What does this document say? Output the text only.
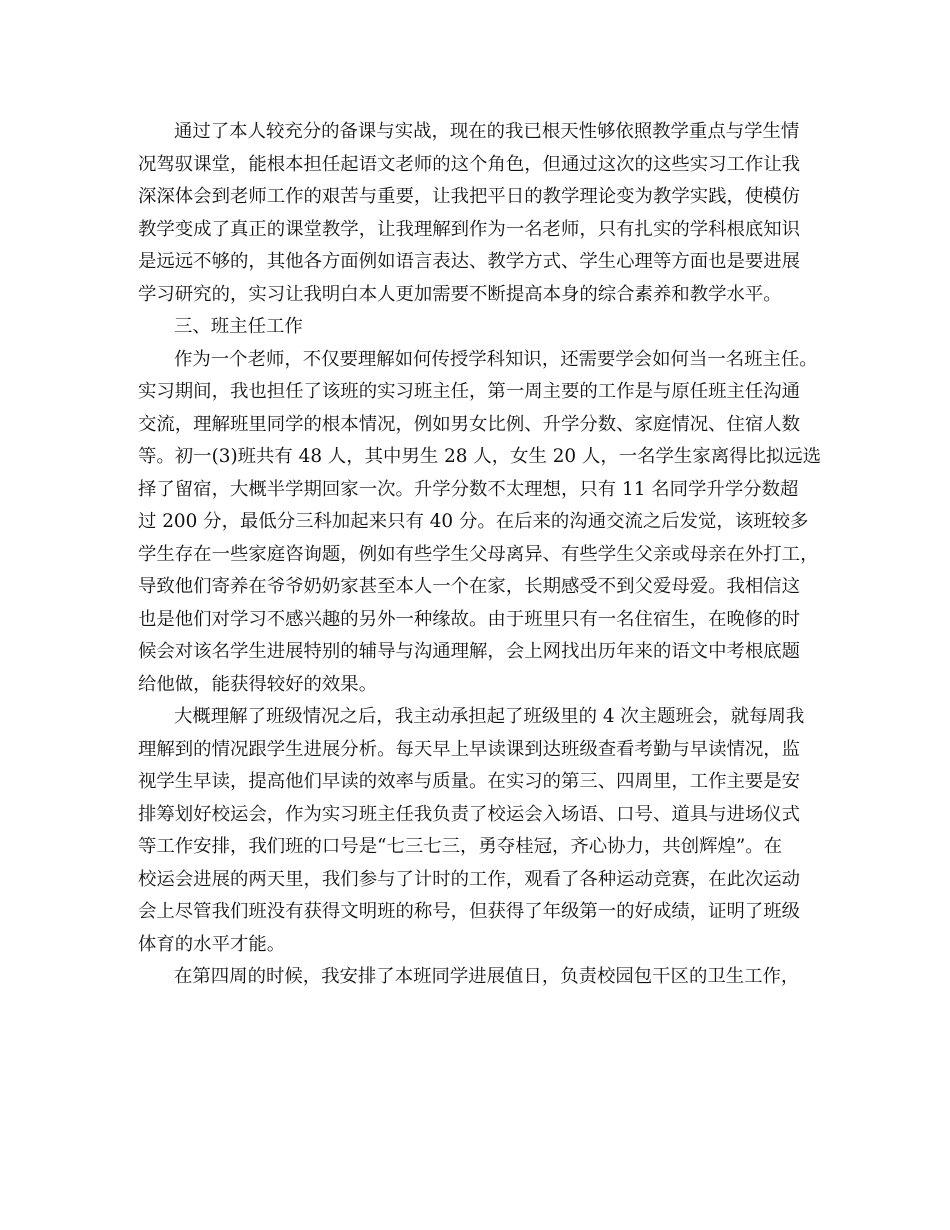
通过了本人较充分的备课与实战，现在的我已根天性够依照教学重点与学生情
况驾驭课堂，能根本担任起语文老师的这个角色，但通过这次的这些实习工作让我
深深体会到老师工作的艰苦与重要，让我把平日的教学理论变为教学实践，使模仿
教学变成了真正的课堂教学，让我理解到作为一名老师，只有扎实的学科根底知识
是远远不够的，其他各方面例如语言表达、教学方式、学生心理等方面也是要进展
学习研究的，实习让我明白本人更加需要不断提高本身的综合素养和教学水平。
三、班主任工作
作为一个老师，不仅要理解如何传授学科知识，还需要学会如何当一名班主任。
实习期间，我也担任了该班的实习班主任，第一周主要的工作是与原任班主任沟通
交流，理解班里同学的根本情况，例如男女比例、升学分数、家庭情况、住宿人数
等。初一(3)班共有 48 人，其中男生 28 人，女生 20 人，一名学生家离得比拟远选
择了留宿，大概半学期回家一次。升学分数不太理想，只有 11 名同学升学分数超
过 200 分，最低分三科加起来只有 40 分。在后来的沟通交流之后发觉，该班较多
学生存在一些家庭咨询题，例如有些学生父母离异、有些学生父亲或母亲在外打工，
导致他们寄养在爷爷奶奶家甚至本人一个在家，长期感受不到父爱母爱。我相信这
也是他们对学习不感兴趣的另外一种缘故。由于班里只有一名住宿生，在晚修的时
候会对该名学生进展特别的辅导与沟通理解，会上网找出历年来的语文中考根底题
给他做，能获得较好的效果。
大概理解了班级情况之后，我主动承担起了班级里的 4 次主题班会，就每周我
理解到的情况跟学生进展分析。每天早上早读课到达班级查看考勤与早读情况，监
视学生早读，提高他们早读的效率与质量。在实习的第三、四周里，工作主要是安
排筹划好校运会，作为实习班主任我负责了校运会入场语、口号、道具与进场仪式
等工作安排，我们班的口号是“七三七三，勇夺桂冠，齐心协力，共创辉煌”。在
校运会进展的两天里，我们参与了计时的工作，观看了各种运动竞赛，在此次运动
会上尽管我们班没有获得文明班的称号，但获得了年级第一的好成绩，证明了班级
体育的水平才能。
在第四周的时候，我安排了本班同学进展值日，负责校园包干区的卫生工作，
